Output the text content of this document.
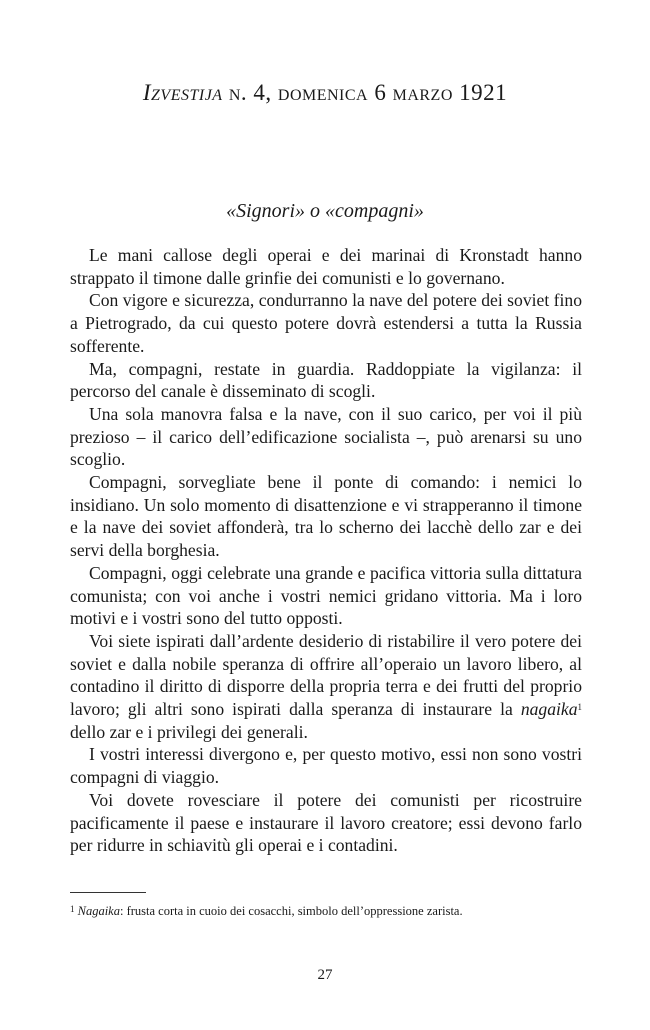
Izvestija n. 4, domenica 6 marzo 1921
«Signori» o «compagni»

Le mani callose degli operai e dei marinai di Kronstadt hanno strappato il timone dalle grinfie dei comunisti e lo governano.

Con vigore e sicurezza, condurranno la nave del potere dei soviet fino a Pietrogrado, da cui questo potere dovrà estendersi a tutta la Russia sofferente.

Ma, compagni, restate in guardia. Raddoppiate la vigilanza: il percorso del canale è disseminato di scogli.

Una sola manovra falsa e la nave, con il suo carico, per voi il più prezioso – il carico dell’edificazione socialista –, può arenarsi su uno scoglio.

Compagni, sorvegliate bene il ponte di comando: i nemici lo insidiano. Un solo momento di disattenzione e vi strapperanno il timone e la nave dei soviet affonderà, tra lo scherno dei lacchè dello zar e dei servi della borghesia.

Compagni, oggi celebrate una grande e pacifica vittoria sulla dittatura comunista; con voi anche i vostri nemici gridano vittoria. Ma i loro motivi e i vostri sono del tutto opposti.

Voi siete ispirati dall’ardente desiderio di ristabilire il vero potere dei soviet e dalla nobile speranza di offrire all’operaio un lavoro libero, al contadino il diritto di disporre della propria terra e dei frutti del proprio lavoro; gli altri sono ispirati dalla speranza di instaurare la nagaika$^1$ dello zar e i privilegi dei generali.

I vostri interessi divergono e, per questo motivo, essi non sono vostri compagni di viaggio.

Voi dovete rovesciare il potere dei comunisti per ricostruire pacificamente il paese e instaurare il lavoro creatore; essi devono farlo per ridurre in schiavitù gli operai e i contadini.

$^1$ Nagaika: frusta corta in cuoio dei cosacchi, simbolo dell’oppressione zarista.
27
